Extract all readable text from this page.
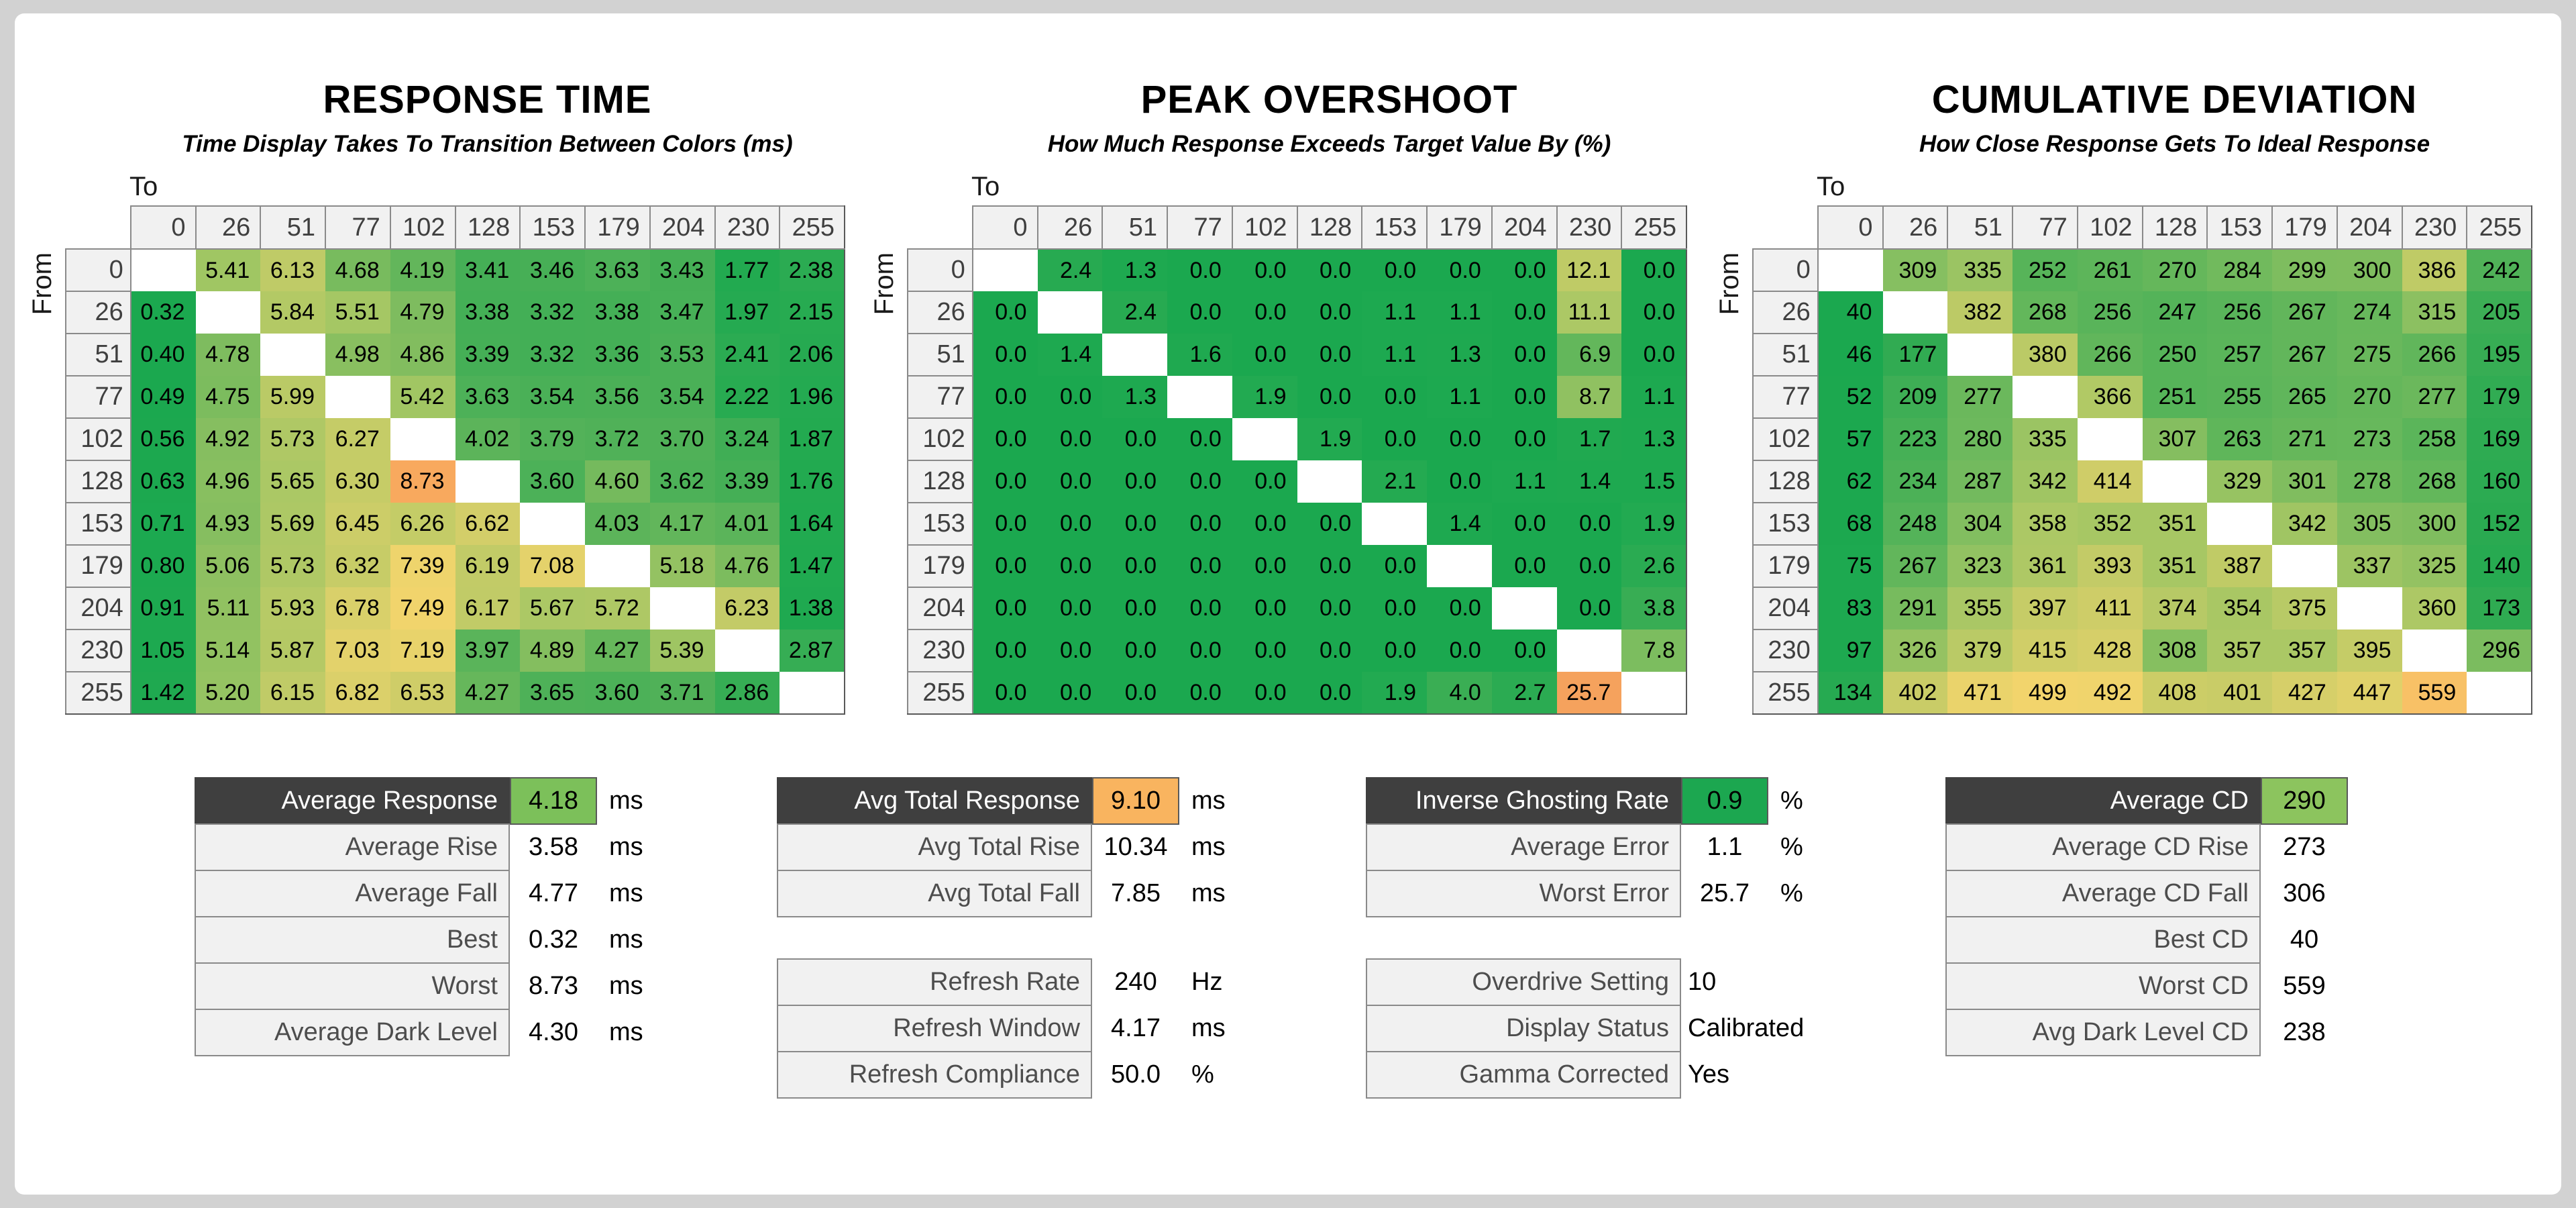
RESPONSE TIME
Time Display Takes To Transition Between Colors (ms)
To
From
	0	26	51	77	102	128	153	179	204	230	255
0		5.41	6.13	4.68	4.19	3.41	3.46	3.63	3.43	1.77	2.38
26	0.32		5.84	5.51	4.79	3.38	3.32	3.38	3.47	1.97	2.15
51	0.40	4.78		4.98	4.86	3.39	3.32	3.36	3.53	2.41	2.06
77	0.49	4.75	5.99		5.42	3.63	3.54	3.56	3.54	2.22	1.96
102	0.56	4.92	5.73	6.27		4.02	3.79	3.72	3.70	3.24	1.87
128	0.63	4.96	5.65	6.30	8.73		3.60	4.60	3.62	3.39	1.76
153	0.71	4.93	5.69	6.45	6.26	6.62		4.03	4.17	4.01	1.64
179	0.80	5.06	5.73	6.32	7.39	6.19	7.08		5.18	4.76	1.47
204	0.91	5.11	5.93	6.78	7.49	6.17	5.67	5.72		6.23	1.38
230	1.05	5.14	5.87	7.03	7.19	3.97	4.89	4.27	5.39		2.87
255	1.42	5.20	6.15	6.82	6.53	4.27	3.65	3.60	3.71	2.86	
PEAK OVERSHOOT
How Much Response Exceeds Target Value By (%)
To
From
	0	26	51	77	102	128	153	179	204	230	255
0		2.4	1.3	0.0	0.0	0.0	0.0	0.0	0.0	12.1	0.0
26	0.0		2.4	0.0	0.0	0.0	1.1	1.1	0.0	11.1	0.0
51	0.0	1.4		1.6	0.0	0.0	1.1	1.3	0.0	6.9	0.0
77	0.0	0.0	1.3		1.9	0.0	0.0	1.1	0.0	8.7	1.1
102	0.0	0.0	0.0	0.0		1.9	0.0	0.0	0.0	1.7	1.3
128	0.0	0.0	0.0	0.0	0.0		2.1	0.0	1.1	1.4	1.5
153	0.0	0.0	0.0	0.0	0.0	0.0		1.4	0.0	0.0	1.9
179	0.0	0.0	0.0	0.0	0.0	0.0	0.0		0.0	0.0	2.6
204	0.0	0.0	0.0	0.0	0.0	0.0	0.0	0.0		0.0	3.8
230	0.0	0.0	0.0	0.0	0.0	0.0	0.0	0.0	0.0		7.8
255	0.0	0.0	0.0	0.0	0.0	0.0	1.9	4.0	2.7	25.7	
CUMULATIVE DEVIATION
How Close Response Gets To Ideal Response
To
From
	0	26	51	77	102	128	153	179	204	230	255
0		309	335	252	261	270	284	299	300	386	242
26	40		382	268	256	247	256	267	274	315	205
51	46	177		380	266	250	257	267	275	266	195
77	52	209	277		366	251	255	265	270	277	179
102	57	223	280	335		307	263	271	273	258	169
128	62	234	287	342	414		329	301	278	268	160
153	68	248	304	358	352	351		342	305	300	152
179	75	267	323	361	393	351	387		337	325	140
204	83	291	355	397	411	374	354	375		360	173
230	97	326	379	415	428	308	357	357	395		296
255	134	402	471	499	492	408	401	427	447	559	
Average Response	4.18	ms
Average Rise	3.58	ms
Average Fall	4.77	ms
Best	0.32	ms
Worst	8.73	ms
Average Dark Level	4.30	ms
Avg Total Response	9.10	ms
Avg Total Rise 10.34 ms
Avg Total Fall	7.85	ms
Refresh Rate	240	Hz
Refresh Window	4.17	ms
Refresh Compliance	50.0	%
Inverse Ghosting Rate	0.9	%
Average Error	1.1	%
Worst Error	25.7	%
Overdrive Setting 10
Display Status Calibrated
Gamma Corrected Yes
Average CD	290
Average CD Rise	273
Average CD Fall	306
Best CD	40
Worst CD	559
Avg Dark Level CD	238
